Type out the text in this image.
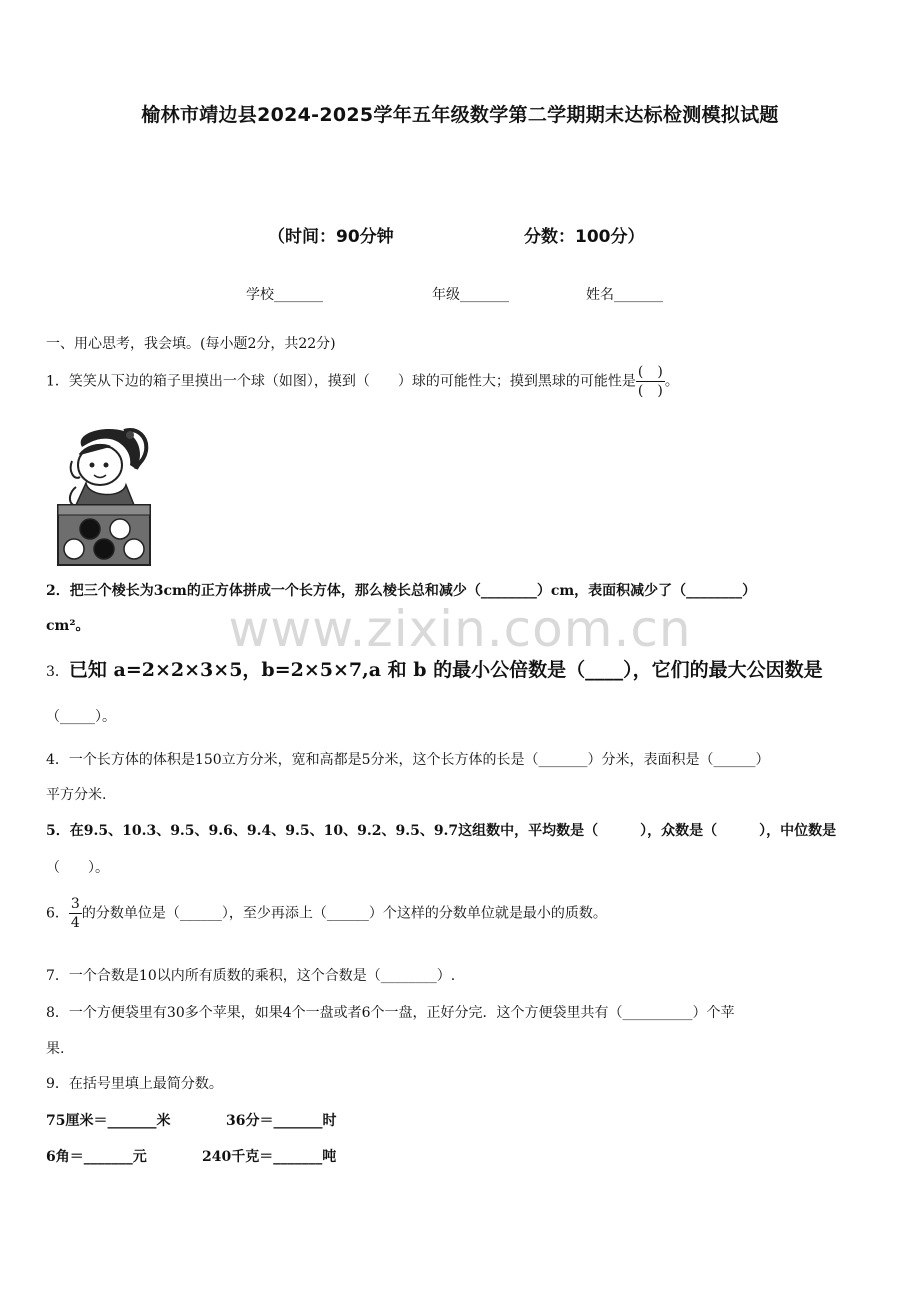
榆林市靖边县2024-2025学年五年级数学第二学期期末达标检测模拟试题
（时间：90分钟	分数：100分）
学校_______	年级_______	姓名_______
一、用心思考，我会填。(每小题2分，共22分)
1．笑笑从下边的箱子里摸出一个球（如图），摸到（　　）球的可能性大；摸到黑球的可能性是 $\frac{( )}{( )}$ 。
2．把三个棱长为3cm的正方体拼成一个长方体，那么棱长总和减少（________）cm，表面积减少了（________）
cm²。	www.zixin.com.cn
3．已知 a=2×2×3×5，b=2×5×7,a 和 b 的最小公倍数是（____），它们的最大公因数是
（_____）。
4．一个长方体的体积是150立方分米，宽和高都是5分米，这个长方体的长是（_______）分米，表面积是（______）
平方分米.
5．在9.5、10.3、9.5、9.6、9.4、9.5、10、9.2、9.5、9.7这组数中，平均数是（　　　），众数是（　　　），中位数是
（　　）。
6． $\frac{3}{4}$ 的分数单位是（______），至少再添上（______）个这样的分数单位就是最小的质数。
7．一个合数是10以内所有质数的乘积，这个合数是（________）.
8．一个方便袋里有30多个苹果，如果4个一盘或者6个一盘，正好分完．这个方便袋里共有（__________）个苹
果.
9．在括号里填上最简分数。
75厘米＝_______米	36分＝_______时
6角＝_______元	240千克＝_______吨
